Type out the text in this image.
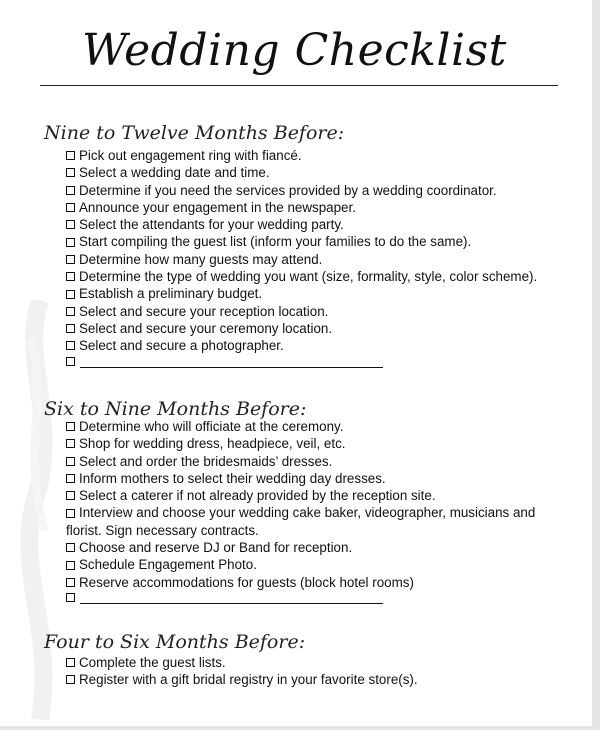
Wedding Checklist
Nine to Twelve Months Before:
Pick out engagement ring with fiancé.
Select a wedding date and time.
Determine if you need the services provided by a wedding coordinator.
Announce your engagement in the newspaper.
Select the attendants for your wedding party.
Start compiling the guest list (inform your families to do the same).
Determine how many guests may attend.
Determine the type of wedding you want (size, formality, style, color scheme).
Establish a preliminary budget.
Select and secure your reception location.
Select and secure your ceremony location.
Select and secure a photographer.
Six to Nine Months Before:
Determine who will officiate at the ceremony.
Shop for wedding dress, headpiece, veil, etc.
Select and order the bridesmaids’ dresses.
Inform mothers to select their wedding day dresses.
Select a caterer if not already provided by the reception site.
Interview and choose your wedding cake baker, videographer, musicians and florist. Sign necessary contracts.
Choose and reserve DJ or Band for reception.
Schedule Engagement Photo.
Reserve accommodations for guests (block hotel rooms)
Four to Six Months Before:
Complete the guest lists.
Register with a gift bridal registry in your favorite store(s).
